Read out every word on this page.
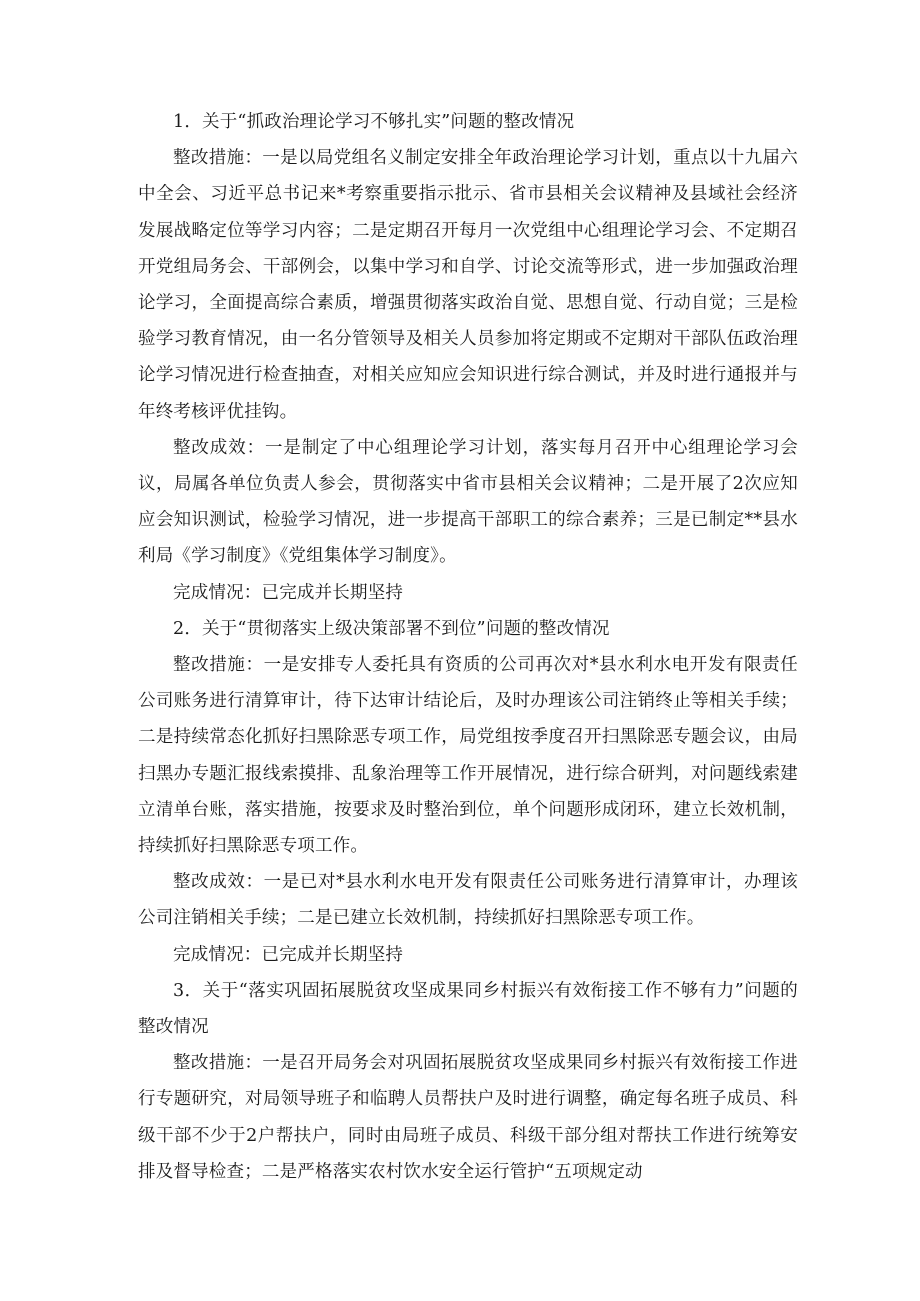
1．关于“抓政治理论学习不够扎实”问题的整改情况

整改措施：一是以局党组名义制定安排全年政治理论学习计划，重点以十九届六中全会、习近平总书记来*考察重要指示批示、省市县相关会议精神及县域社会经济发展战略定位等学习内容；二是定期召开每月一次党组中心组理论学习会、不定期召开党组局务会、干部例会，以集中学习和自学、讨论交流等形式，进一步加强政治理论学习，全面提高综合素质，增强贯彻落实政治自觉、思想自觉、行动自觉；三是检验学习教育情况，由一名分管领导及相关人员参加将定期或不定期对干部队伍政治理论学习情况进行检查抽查，对相关应知应会知识进行综合测试，并及时进行通报并与年终考核评优挂钩。

整改成效：一是制定了中心组理论学习计划，落实每月召开中心组理论学习会议，局属各单位负责人参会，贯彻落实中省市县相关会议精神；二是开展了2次应知应会知识测试，检验学习情况，进一步提高干部职工的综合素养；三是已制定**县水利局《学习制度》《党组集体学习制度》。

完成情况：已完成并长期坚持

2．关于“贯彻落实上级决策部署不到位”问题的整改情况

整改措施：一是安排专人委托具有资质的公司再次对*县水利水电开发有限责任公司账务进行清算审计，待下达审计结论后，及时办理该公司注销终止等相关手续；二是持续常态化抓好扫黑除恶专项工作，局党组按季度召开扫黑除恶专题会议，由局扫黑办专题汇报线索摸排、乱象治理等工作开展情况，进行综合研判，对问题线索建立清单台账，落实措施，按要求及时整治到位，单个问题形成闭环，建立长效机制，持续抓好扫黑除恶专项工作。

整改成效：一是已对*县水利水电开发有限责任公司账务进行清算审计，办理该公司注销相关手续；二是已建立长效机制，持续抓好扫黑除恶专项工作。

完成情况：已完成并长期坚持

3．关于“落实巩固拓展脱贫攻坚成果同乡村振兴有效衔接工作不够有力”问题的整改情况

整改措施：一是召开局务会对巩固拓展脱贫攻坚成果同乡村振兴有效衔接工作进行专题研究，对局领导班子和临聘人员帮扶户及时进行调整，确定每名班子成员、科级干部不少于2户帮扶户，同时由局班子成员、科级干部分组对帮扶工作进行统筹安排及督导检查；二是严格落实农村饮水安全运行管护“五项规定动
